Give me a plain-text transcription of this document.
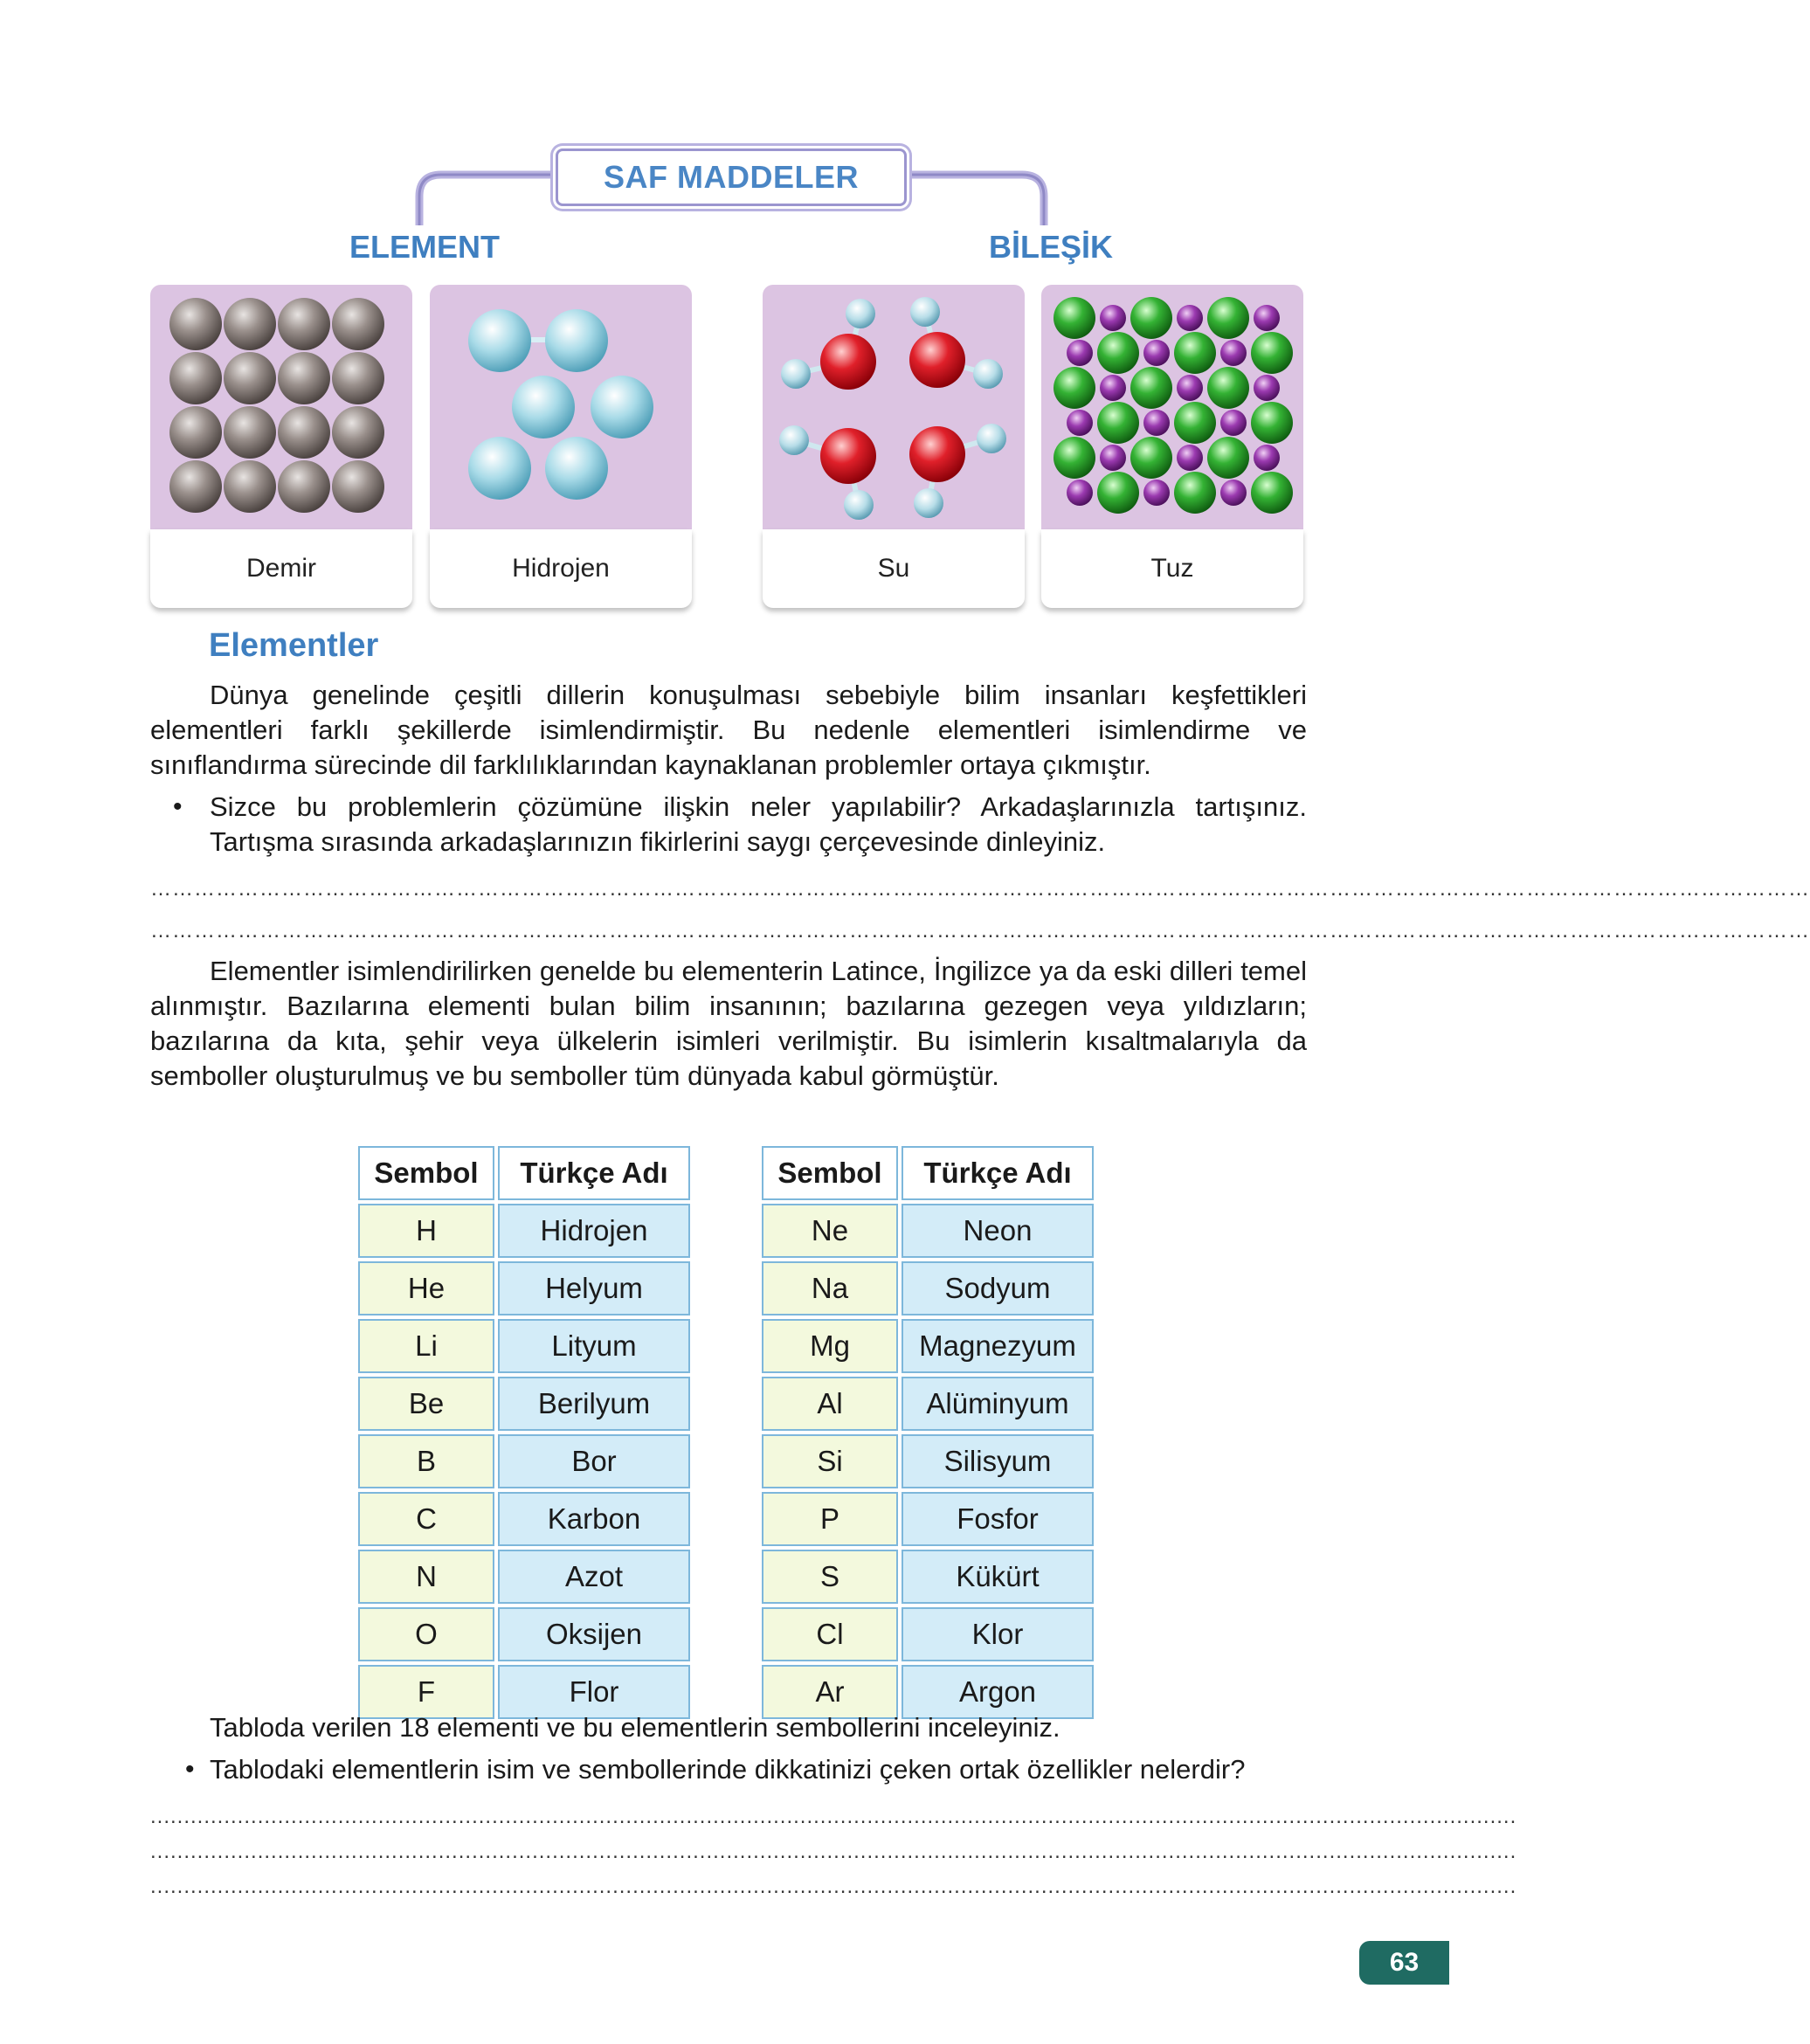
SAF MADDELER
ELEMENT	BİLEŞİK
Demir	Hidrojen	Su	Tuz
Elementler
Dünya genelinde çeşitli dillerin konuşulması sebebiyle bilim insanları keşfettikleri elementleri farklı şekillerde isimlendirmiştir. Bu nedenle elementleri isimlendirme ve sınıflandırma sürecinde dil farklılıklarından kaynaklanan problemler ortaya çıkmıştır.
• Sizce bu problemlerin çözümüne ilişkin neler yapılabilir? Arkadaşlarınızla tartışınız. Tartışma sırasında arkadaşlarınızın fikirlerini saygı çerçevesinde dinleyiniz.
…………………………………………………………………………………………………………………………………………………………………………………………………………
…………………………………………………………………………………………………………………………………………………………………………………………………………
Elementler isimlendirilirken genelde bu elementerin Latince, İngilizce ya da eski dilleri temel alınmıştır. Bazılarına elementi bulan bilim insanının; bazılarına gezegen veya yıldızların; bazılarına da kıta, şehir veya ülkelerin isimleri verilmiştir. Bu isimlerin kısaltmalarıyla da semboller oluşturulmuş ve bu semboller tüm dünyada kabul görmüştür.
Sembol	Türkçe Adı
H	Hidrojen
He	Helyum
Li	Lityum
Be	Berilyum
B	Bor
C	Karbon
N	Azot
O	Oksijen
F	Flor
Sembol	Türkçe Adı
Ne	Neon
Na	Sodyum
Mg	Magnezyum
Al	Alüminyum
Si	Silisyum
P	Fosfor
S	Kükürt
Cl	Klor
Ar	Argon
Tabloda verilen 18 elementi ve bu elementlerin sembollerini inceleyiniz.
• Tablodaki elementlerin isim ve sembollerinde dikkatinizi çeken ortak özellikler nelerdir?
............................................................................................................................................................................................................
............................................................................................................................................................................................................
............................................................................................................................................................................................................
63
